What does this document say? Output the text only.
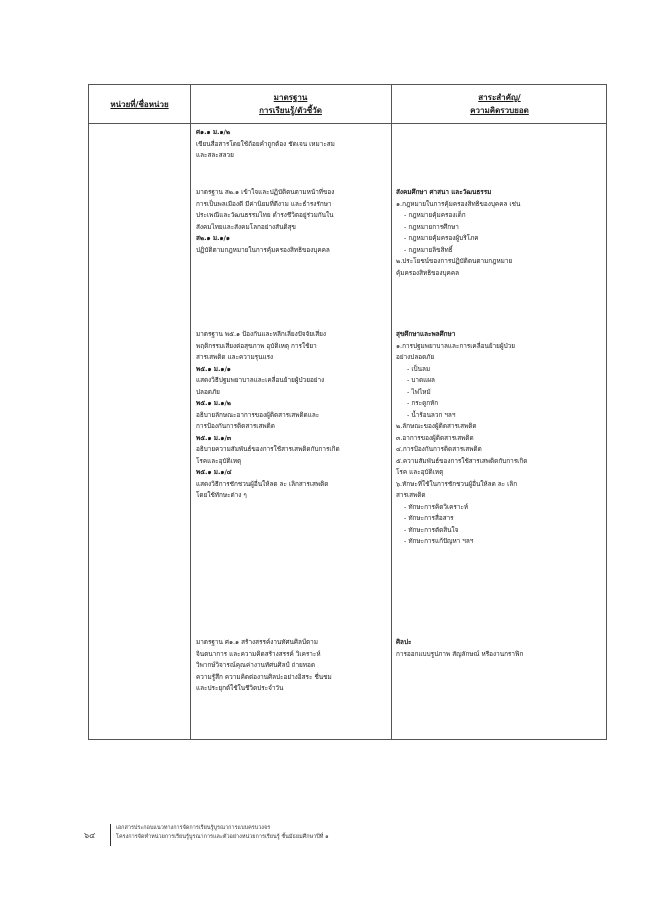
หน่วยที่/ชื่อหน่วย
มาตรฐาน
การเรียนรู้/ตัวชี้วัด
สาระสำคัญ/
ความคิดรวบยอด
ศ๑.๑ ม.๑/๒
เขียนสื่อสารโดยใช้ถ้อยคำถูกต้อง ชัดเจน เหมาะสม
และสละสลวย
มาตรฐาน ส๒.๑ เข้าใจและปฏิบัติตนตามหน้าที่ของ
การเป็นพลเมืองดี มีค่านิยมที่ดีงาม และธำรงรักษา
ประเพณีและวัฒนธรรมไทย ดำรงชีวิตอยู่ร่วมกันใน
สังคมไทยและสังคมโลกอย่างสันติสุข
ส๒.๑ ม.๑/๑
ปฏิบัติตามกฎหมายในการคุ้มครองสิทธิของบุคคล
มาตรฐาน พ๕.๑ ป้องกันและหลีกเลี่ยงปัจจัยเสี่ยง
พฤติกรรมเสี่ยงต่อสุขภาพ อุบัติเหตุ การใช้ยา
สารเสพติด และความรุนแรง
พ๕.๑ ม.๑/๑
แสดงวิธีปฐมพยาบาลและเคลื่อนย้ายผู้ป่วยอย่าง
ปลอดภัย
พ๕.๑ ม.๑/๒
อธิบายลักษณะอาการของผู้ติดสารเสพติดและ
การป้องกันการติดสารเสพติด
พ๕.๑ ม.๑/๓
อธิบายความสัมพันธ์ของการใช้สารเสพติดกับการเกิด
โรคและอุบัติเหตุ
พ๕.๑ ม.๑/๔
แสดงวิธีการชักชวนผู้อื่นให้ลด ละ เลิกสารเสพติด
โดยใช้ทักษะต่าง ๆ
มาตรฐาน ศ๑.๑ สร้างสรรค์งานทัศนศิลป์ตาม
จินตนาการ และความคิดสร้างสรรค์ วิเคราะห์
วิพากษ์วิจารณ์คุณค่างานทัศนศิลป์ ถ่ายทอด
ความรู้สึก ความคิดต่องานศิลปะอย่างอิสระ ชื่นชม
และประยุกต์ใช้ในชีวิตประจำวัน
สังคมศึกษา ศาสนา และวัฒนธรรม
๑.กฎหมายในการคุ้มครองสิทธิของบุคคล เช่น
- กฎหมายคุ้มครองเด็ก
- กฎหมายการศึกษา
- กฎหมายคุ้มครองผู้บริโภค
- กฎหมายลิขสิทธิ์
๒.ประโยชน์ของการปฏิบัติตนตามกฎหมาย
คุ้มครองสิทธิของบุคคล
สุขศึกษาและพลศึกษา
๑.การปฐมพยาบาลและการเคลื่อนย้ายผู้ป่วย
อย่างปลอดภัย
- เป็นลม
- บาดแผล
- ไฟไหม้
- กระดูกหัก
- น้ำร้อนลวก ฯลฯ
๒.ลักษณะของผู้ติดสารเสพติด
๓.อาการของผู้ติดสารเสพติด
๔.การป้องกันการติดสารเสพติด
๕.ความสัมพันธ์ของการใช้สารเสพติดกับการเกิด
โรค และอุบัติเหตุ
๖.ทักษะที่ใช้ในการชักชวนผู้อื่นให้ลด ละ เลิก
สารเสพติด
- ทักษะการคิดวิเคราะห์
- ทักษะการสื่อสาร
- ทักษะการตัดสินใจ
- ทักษะการแก้ปัญหา ฯลฯ
ศิลปะ
การออกแบบรูปภาพ สัญลักษณ์ หรืองานกราฟิก
๖๔
เอกสารประกอบแนวทางการจัดการเรียนรู้บูรณาการแบบครบวงจร
โครงการจัดทำหน่วยการเรียนรู้บูรณาการและตัวอย่างหน่วยการเรียนรู้ ชั้นมัธยมศึกษาปีที่ ๑
